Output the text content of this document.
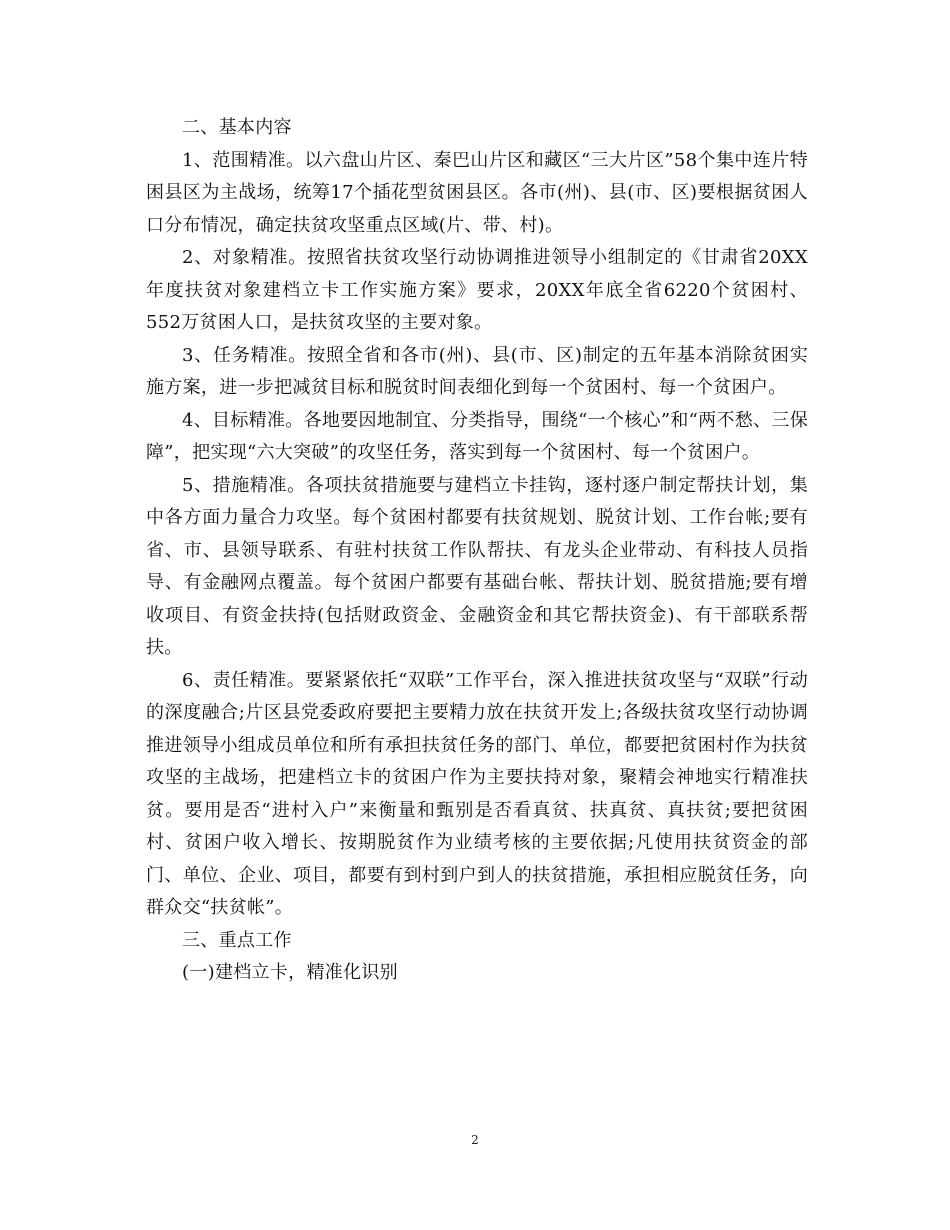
二、基本内容

1、范围精准。以六盘山片区、秦巴山片区和藏区“三大片区”58个集中连片特困县区为主战场，统筹17个插花型贫困县区。各市(州)、县(市、区)要根据贫困人口分布情况，确定扶贫攻坚重点区域(片、带、村)。

2、对象精准。按照省扶贫攻坚行动协调推进领导小组制定的《甘肃省20XX年度扶贫对象建档立卡工作实施方案》要求，20XX年底全省6220个贫困村、552万贫困人口，是扶贫攻坚的主要对象。

3、任务精准。按照全省和各市(州)、县(市、区)制定的五年基本消除贫困实施方案，进一步把减贫目标和脱贫时间表细化到每一个贫困村、每一个贫困户。

4、目标精准。各地要因地制宜、分类指导，围绕“一个核心”和“两不愁、三保障”，把实现“六大突破”的攻坚任务，落实到每一个贫困村、每一个贫困户。

5、措施精准。各项扶贫措施要与建档立卡挂钩，逐村逐户制定帮扶计划，集中各方面力量合力攻坚。每个贫困村都要有扶贫规划、脱贫计划、工作台帐;要有省、市、县领导联系、有驻村扶贫工作队帮扶、有龙头企业带动、有科技人员指导、有金融网点覆盖。每个贫困户都要有基础台帐、帮扶计划、脱贫措施;要有增收项目、有资金扶持(包括财政资金、金融资金和其它帮扶资金)、有干部联系帮扶。

6、责任精准。要紧紧依托“双联”工作平台，深入推进扶贫攻坚与“双联”行动的深度融合;片区县党委政府要把主要精力放在扶贫开发上;各级扶贫攻坚行动协调推进领导小组成员单位和所有承担扶贫任务的部门、单位，都要把贫困村作为扶贫攻坚的主战场，把建档立卡的贫困户作为主要扶持对象，聚精会神地实行精准扶贫。要用是否“进村入户”来衡量和甄别是否看真贫、扶真贫、真扶贫;要把贫困村、贫困户收入增长、按期脱贫作为业绩考核的主要依据;凡使用扶贫资金的部门、单位、企业、项目，都要有到村到户到人的扶贫措施，承担相应脱贫任务，向群众交“扶贫帐”。

三、重点工作

(一)建档立卡，精准化识别

2
